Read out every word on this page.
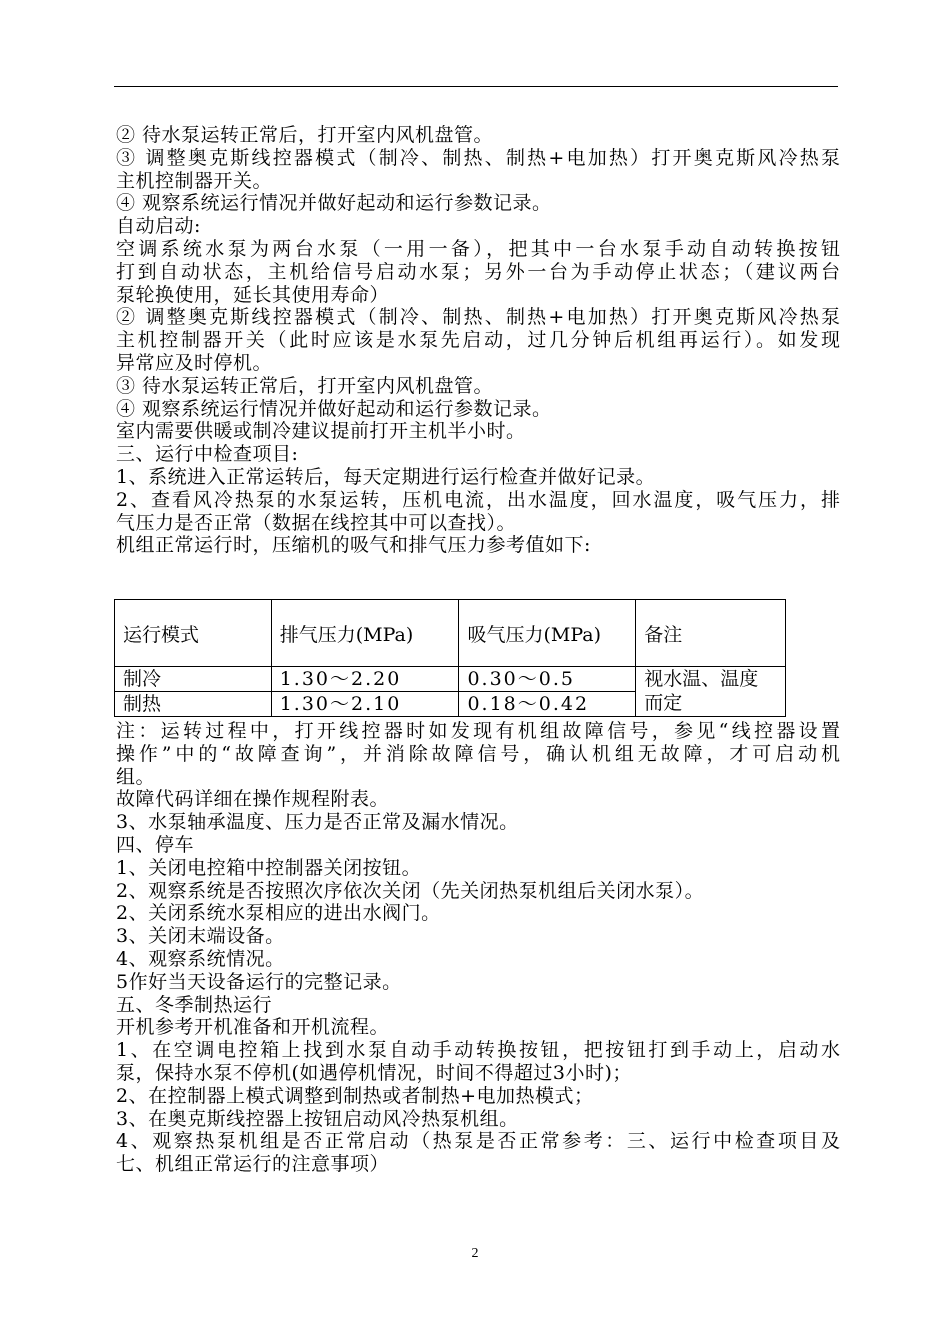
② 待水泵运转正常后，打开室内风机盘管。
③ 调整奥克斯线控器模式（制冷、制热、制热+电加热）打开奥克斯风冷热泵
主机控制器开关。
④ 观察系统运行情况并做好起动和运行参数记录。
自动启动:
空调系统水泵为两台水泵（一用一备），把其中一台水泵手动自动转换按钮
打到自动状态，主机给信号启动水泵；另外一台为手动停止状态；（建议两台
泵轮换使用，延长其使用寿命）
② 调整奥克斯线控器模式（制冷、制热、制热+电加热）打开奥克斯风冷热泵
主机控制器开关（此时应该是水泵先启动，过几分钟后机组再运行）。如发现
异常应及时停机。
③ 待水泵运转正常后，打开室内风机盘管。
④ 观察系统运行情况并做好起动和运行参数记录。
室内需要供暖或制冷建议提前打开主机半小时。
三、运行中检查项目:
1、系统进入正常运转后，每天定期进行运行检查并做好记录。
2、查看风冷热泵的水泵运转，压机电流，出水温度，回水温度，吸气压力，排
气压力是否正常（数据在线控其中可以查找）。
机组正常运行时，压缩机的吸气和排气压力参考值如下:
运行模式	排气压力(MPa)	吸气压力(MPa)	备注
制冷	1.30～2.20	0.30～0.5	视水温、温度
而定

制热	1.30～2.10	0.18～0.42	
注：运转过程中，打开线控器时如发现有机组故障信号，参见“线控器设置
操作”中的“故障查询”，并消除故障信号，确认机组无故障，才可启动机
组。
故障代码详细在操作规程附表。
3、水泵轴承温度、压力是否正常及漏水情况。
四、停车
1、关闭电控箱中控制器关闭按钮。
2、观察系统是否按照次序依次关闭（先关闭热泵机组后关闭水泵）。
2、关闭系统水泵相应的进出水阀门。
3、关闭末端设备。
4、观察系统情况。
5作好当天设备运行的完整记录。
五、冬季制热运行
开机参考开机准备和开机流程。
1、在空调电控箱上找到水泵自动手动转换按钮，把按钮打到手动上，启动水
泵，保持水泵不停机(如遇停机情况，时间不得超过3小时)；
2、在控制器上模式调整到制热或者制热+电加热模式；
3、在奥克斯线控器上按钮启动风冷热泵机组。
4、观察热泵机组是否正常启动（热泵是否正常参考：三、运行中检查项目及
七、机组正常运行的注意事项）
2
